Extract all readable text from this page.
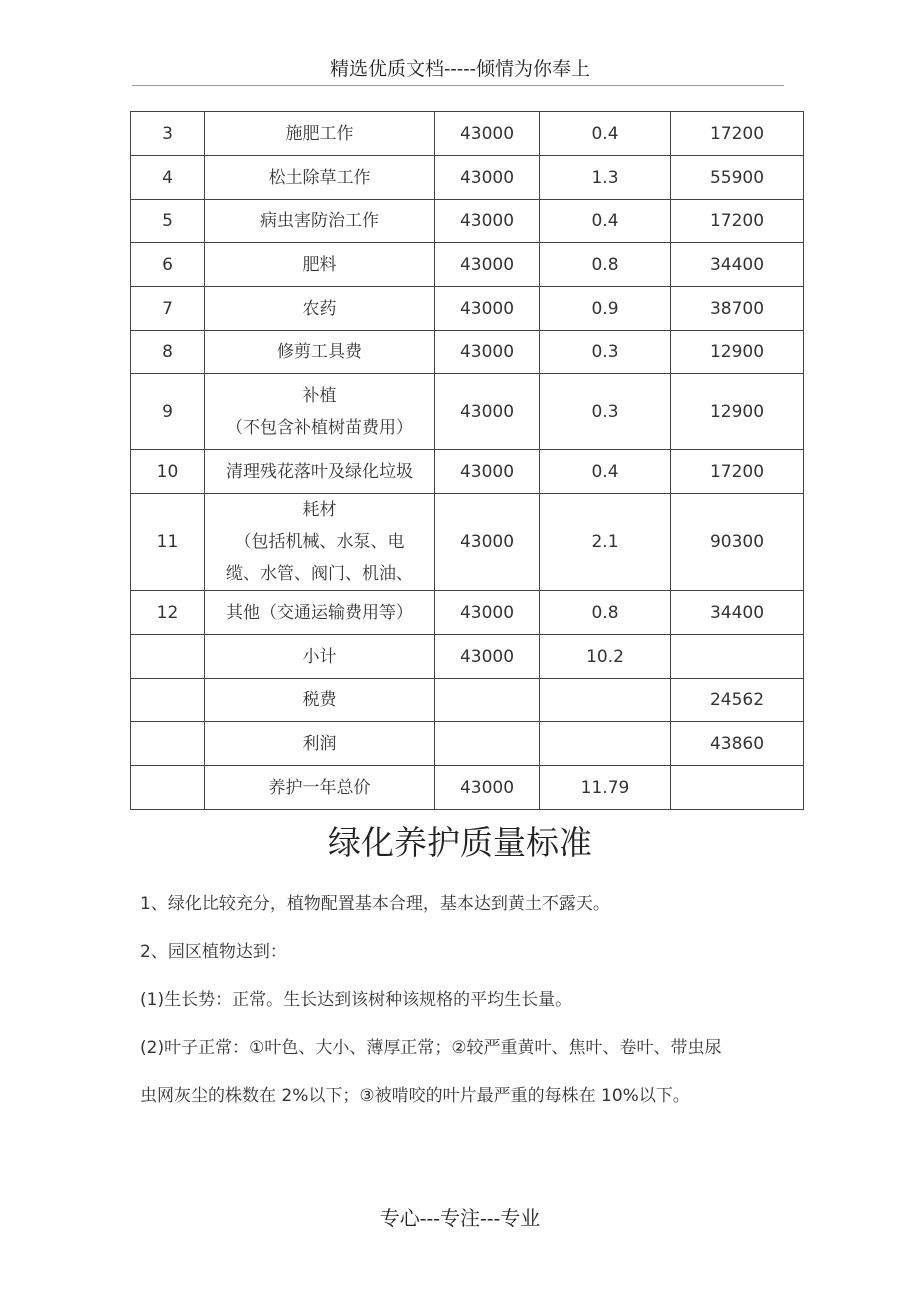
精选优质文档-----倾情为你奉上
3	施肥工作	43000	0.4	17200
4	松土除草工作	43000	1.3	55900
5	病虫害防治工作	43000	0.4	17200
6	肥料	43000	0.8	34400
7	农药	43000	0.9	38700
8	修剪工具费	43000	0.3	12900
9	补植
（不包含补植树苗费用）	43000	0.3	12900
10	清理残花落叶及绿化垃圾	43000	0.4	17200
11	耗材
（包括机械、水泵、电
缆、水管、阀门、机油、	43000	2.1	90300
12	其他（交通运输费用等）	43000	0.8	34400

	小计	43000	10.2	

	税费			24562

	利润			43860

	养护一年总价	43000	11.79	
绿化养护质量标准

1、绿化比较充分，植物配置基本合理，基本达到黄土不露天。

2、园区植物达到：

(1)生长势：正常。生长达到该树种该规格的平均生长量。

(2)叶子正常：①叶色、大小、薄厚正常；②较严重黄叶、焦叶、卷叶、带虫尿

虫网灰尘的株数在 2%以下；③被啃咬的叶片最严重的每株在 10%以下。

专心---专注---专业
